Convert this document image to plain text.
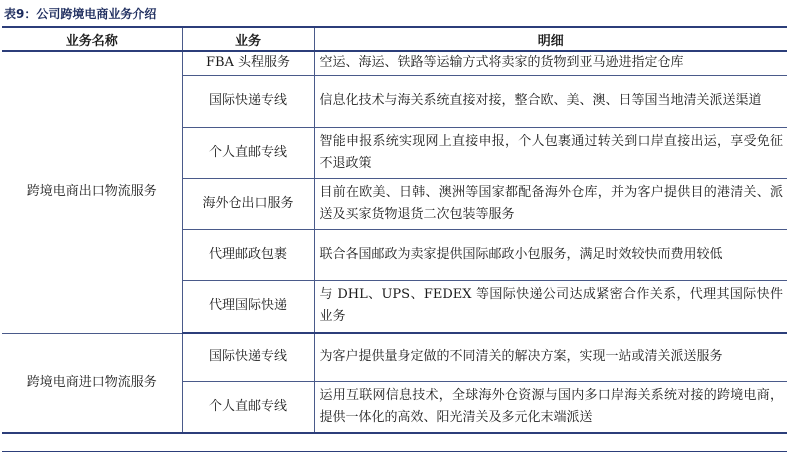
表9：公司跨境电商业务介绍
业务名称	业务	明细
跨境电商出口物流服务	FBA 头程服务	空运、海运、铁路等运输方式将卖家的货物到亚马逊进指定仓库
	国际快递专线	信息化技术与海关系统直接对接，整合欧、美、澳、日等国当地清关派送渠道
	个人直邮专线	智能申报系统实现网上直接申报，个人包裹通过转关到口岸直接出运，享受免征不退政策
	海外仓出口服务	目前在欧美、日韩、澳洲等国家都配备海外仓库，并为客户提供目的港清关、派送及买家货物退货二次包装等服务
	代理邮政包裹	联合各国邮政为卖家提供国际邮政小包服务，满足时效较快而费用较低
	代理国际快递	与 DHL、UPS、FEDEX 等国际快递公司达成紧密合作关系，代理其国际快件业务
跨境电商进口物流服务	国际快递专线	为客户提供量身定做的不同清关的解决方案，实现一站或清关派送服务
	个人直邮专线	运用互联网信息技术，全球海外仓资源与国内多口岸海关系统对接的跨境电商，提供一体化的高效、阳光清关及多元化末端派送
